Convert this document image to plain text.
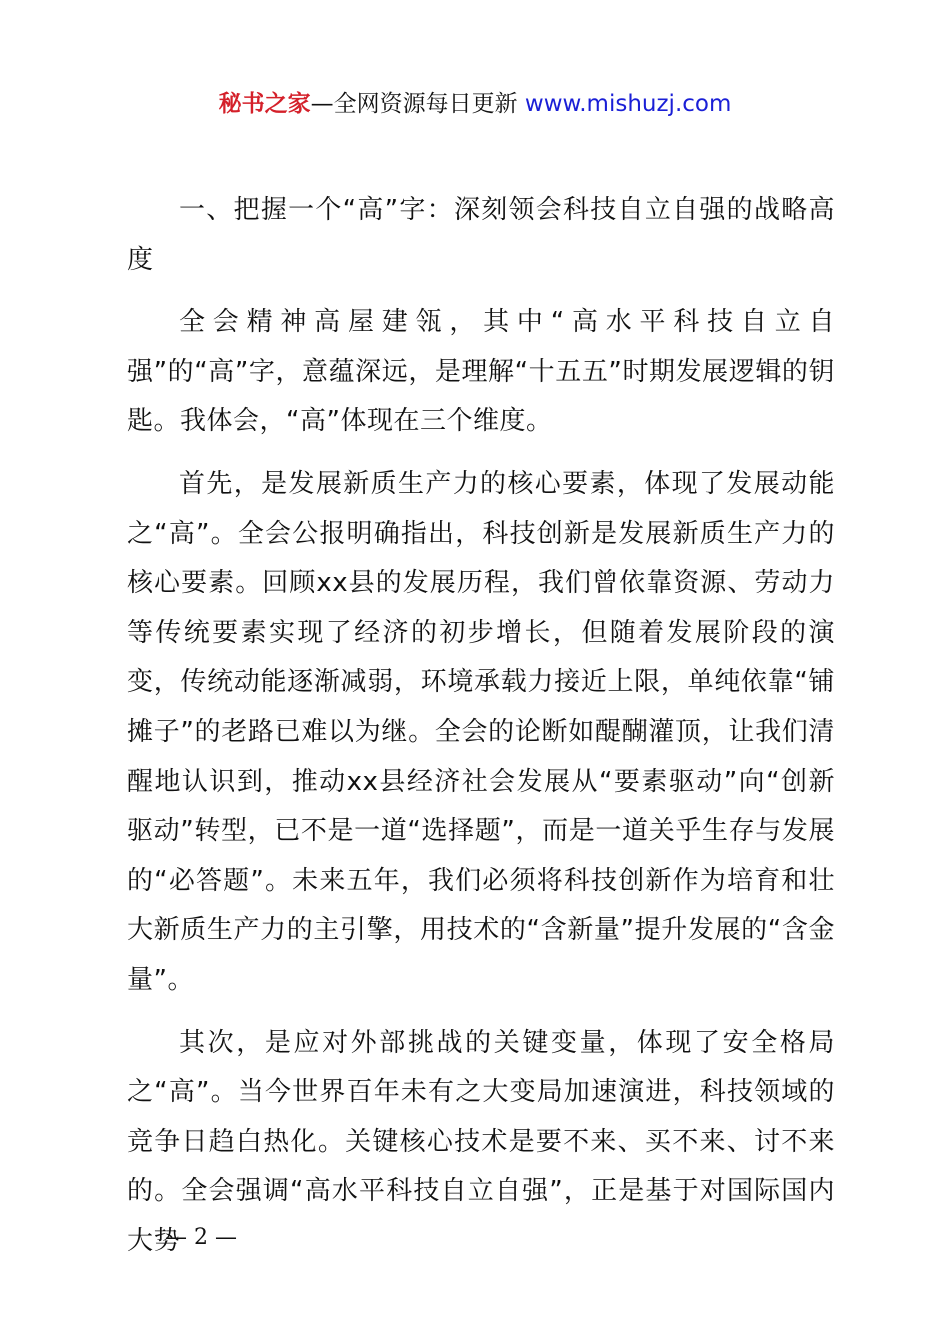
秘书之家—全网资源每日更新 www.mishuzj.com

一、把握一个“高”字：深刻领会科技自立自强的战略高度

全会精神高屋建瓴，其中“高水平科技自立自强”的“高”字，意蕴深远，是理解“十五五”时期发展逻辑的钥匙。我体会，“高”体现在三个维度。

首先，是发展新质生产力的核心要素，体现了发展动能之“高”。全会公报明确指出，科技创新是发展新质生产力的核心要素。回顾xx县的发展历程，我们曾依靠资源、劳动力等传统要素实现了经济的初步增长，但随着发展阶段的演变，传统动能逐渐减弱，环境承载力接近上限，单纯依靠“铺摊子”的老路已难以为继。全会的论断如醍醐灌顶，让我们清醒地认识到，推动xx县经济社会发展从“要素驱动”向“创新驱动”转型，已不是一道“选择题”，而是一道关乎生存与发展的“必答题”。未来五年，我们必须将科技创新作为培育和壮大新质生产力的主引擎，用技术的“含新量”提升发展的“含金量”。

其次，是应对外部挑战的关键变量，体现了安全格局之“高”。当今世界百年未有之大变局加速演进，科技领域的竞争日趋白热化。关键核心技术是要不来、买不来、讨不来的。全会强调“高水平科技自立自强”，正是基于对国际国内大势

— 2 —
